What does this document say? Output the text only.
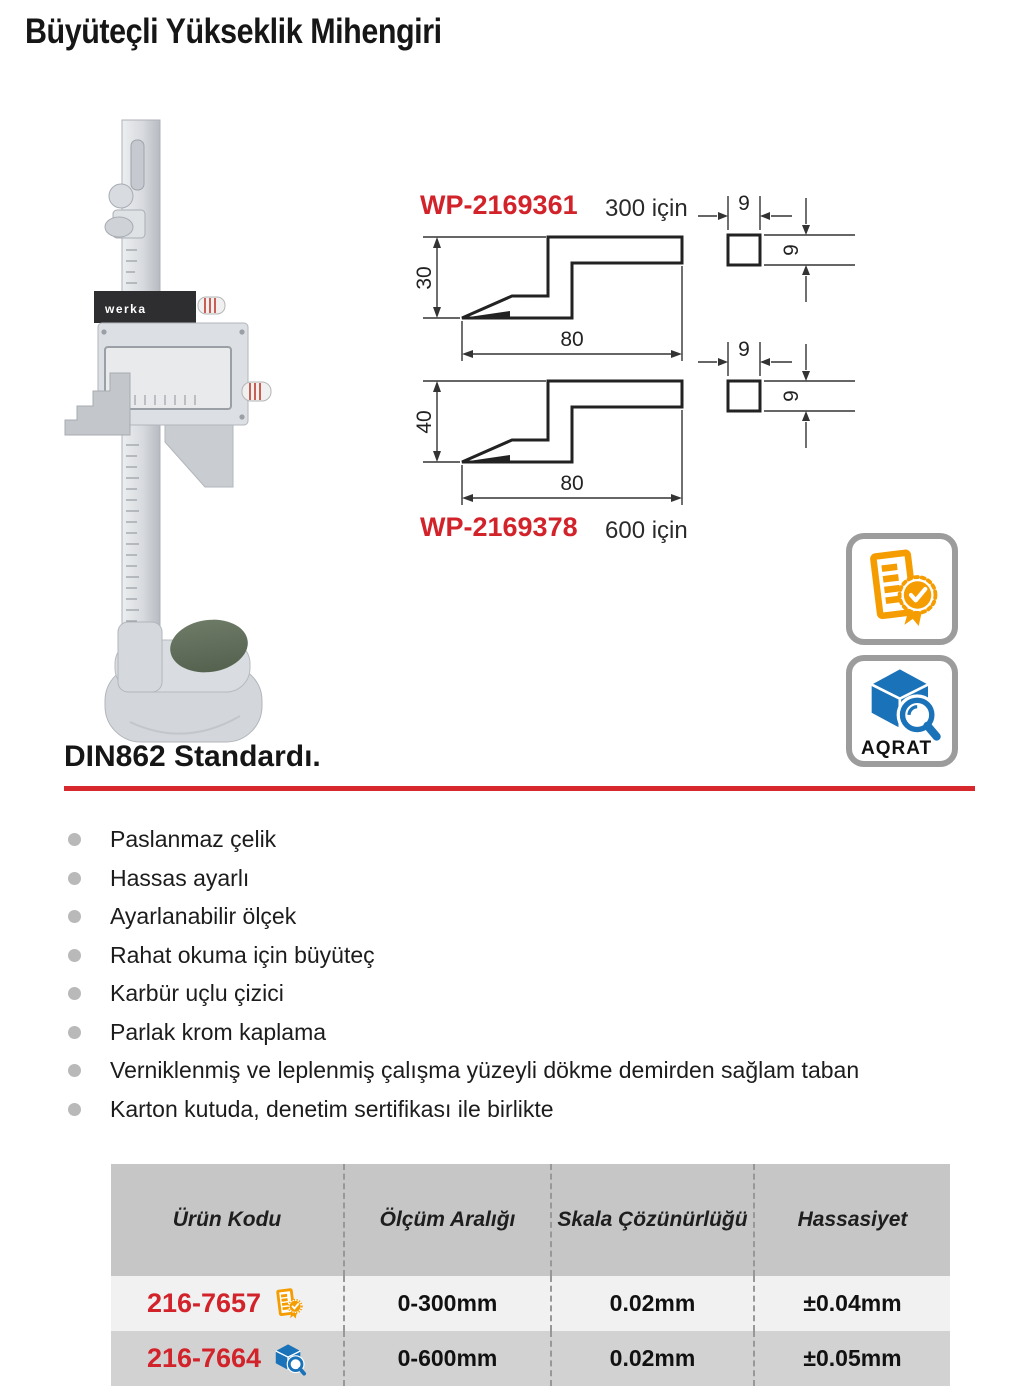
Büyüteçli Yükseklik Mihengiri
werka
WP-2169361 300 için
30
80
9
9
40
80
9
9
WP-2169378 600 için
AQRAT
DIN862 Standardı.
Paslanmaz çelik
Hassas ayarlı
Ayarlanabilir ölçek
Rahat okuma için büyüteç
Karbür uçlu çizici
Parlak krom kaplama
Verniklenmiş ve leplenmiş çalışma yüzeyli dökme demirden sağlam taban
Karton kutuda, denetim sertifikası ile birlikte
Ürün Kodu	Ölçüm Aralığı	Skala Çözünürlüğü	Hassasiyet
216-7657	0-300mm	0.02mm	±0.04mm
216-7664	0-600mm	0.02mm	±0.05mm
